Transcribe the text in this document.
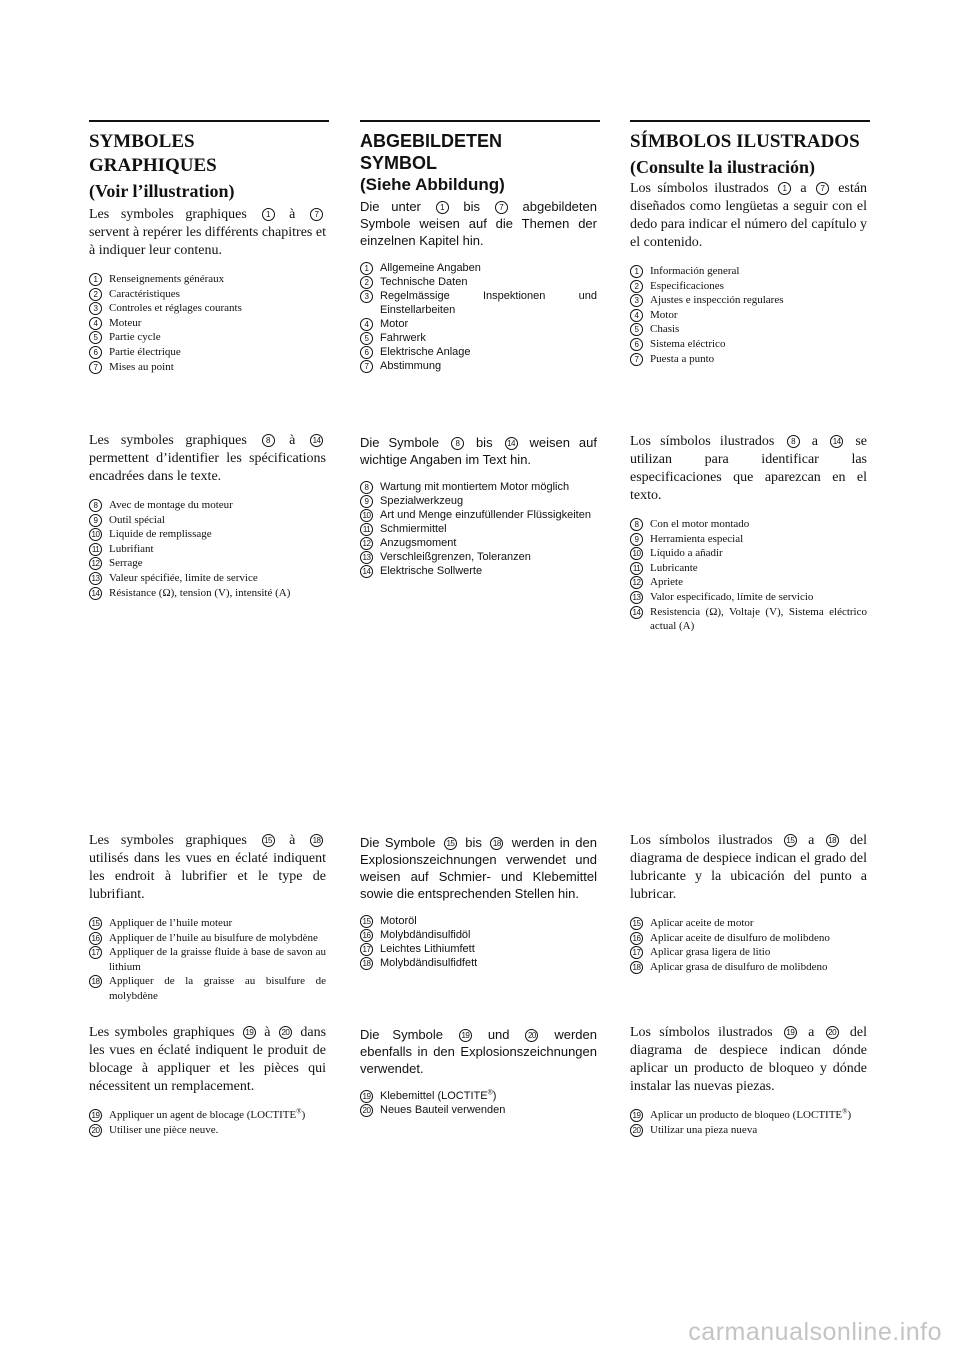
SYMBOLES
GRAPHIQUES
(Voir l’illustration)

Les symboles graphiques 1 à 7 servent à repérer les différents chapitres et à indiquer leur contenu.

1	Renseignements généraux
2	Caractéristiques
3	Controles et réglages courants
4	Moteur
5	Partie cycle
6	Partie électrique
7	Mises au point

Les symboles graphiques 8 à 14 permettent d’identifier les spécifications encadrées dans le texte.

8	Avec de montage du moteur
9	Outil spécial
10 Liquide de remplissage
11 Lubrifiant
12 Serrage
13 Valeur spécifiée, limite de service
14 Résistance (Ω), tension (V), intensité (A)

Les symboles graphiques 15 à 18 utilisés dans les vues en éclaté indiquent les endroit à lubrifier et le type de lubrifiant.

15 Appliquer de l’huile moteur
16 Appliquer de l’huile au bisulfure de molybdène
17 Appliquer de la graisse fluide à base de savon au lithium
18 Appliquer de la graisse au bisulfure de molybdène

Les symboles graphiques 19 à 20 dans les vues en éclaté indiquent le produit de blocage à appliquer et les pièces qui nécessitent un remplacement.

19 Appliquer un agent de blocage (LOCTITE®)
20 Utiliser une pièce neuve.
ABGEBILDETEN
SYMBOL
(Siehe Abbildung)

Die unter 1 bis 7 abgebildeten Symbole weisen auf die Themen der einzelnen Kapitel hin.

1	Allgemeine Angaben
2	Technische Daten
3	Regelmässige Inspektionen und Einstellarbeiten
4	Motor
5	Fahrwerk
6	Elektrische Anlage
7	Abstimmung

Die Symbole 8 bis 14 weisen auf wichtige Angaben im Text hin.

8	Wartung mit montiertem Motor möglich
9	Spezialwerkzeug
10 Art und Menge einzufüllender Flüssigkeiten
11 Schmiermittel
12 Anzugsmoment
13 Verschleißgrenzen, Toleranzen
14 Elektrische Sollwerte

Die Symbole 15 bis 18 werden in den Explosionszeichnungen verwendet und weisen auf Schmier- und Klebemittel sowie die entsprechenden Stellen hin.

15 Motoröl
16 Molybdändisulfidöl
17 Leichtes Lithiumfett
18 Molybdändisulfidfett

Die Symbole 19 und 20 werden ebenfalls in den Explosionszeichnungen verwendet.

19 Klebemittel (LOCTITE®)
20 Neues Bauteil verwenden
SÍMBOLOS ILUSTRADOS
(Consulte la ilustración)

Los símbolos ilustrados 1 a 7 están diseñados como lengüetas a seguir con el dedo para indicar el número del capítulo y el contenido.

1	Información general
2	Especificaciones
3	Ajustes e inspección regulares
4	Motor
5	Chasis
6	Sistema eléctrico
7	Puesta a punto

Los símbolos ilustrados 8 a 14 se utilizan para identificar las especificaciones que aparezcan en el texto.

8	Con el motor montado
9	Herramienta especial
10 Líquido a añadir
11 Lubricante
12 Apriete
13 Valor especificado, límite de servicio
14 Resistencia (Ω), Voltaje (V), Sistema eléctrico actual (A)

Los símbolos ilustrados 15 a 18 del diagrama de despiece indican el grado del lubricante y la ubicación del punto a lubricar.

15 Aplicar aceite de motor
16 Aplicar aceite de disulfuro de molibdeno
17 Aplicar grasa ligera de litio
18 Aplicar grasa de disulfuro de molibdeno

Los símbolos ilustrados 19 a 20 del diagrama de despiece indican dónde aplicar un producto de bloqueo y dónde instalar las nuevas piezas.

19 Aplicar un producto de bloqueo (LOCTITE®)
20 Utilizar una pieza nueva
carmanualsonline.info
